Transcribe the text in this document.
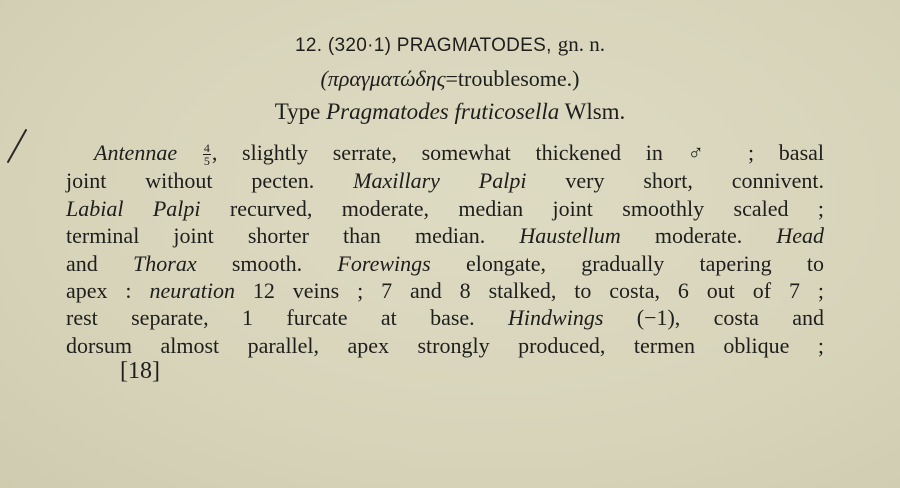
12. (320·1) PRAGMATODES, gn. n.
(πραγματώδης=troublesome.)
Type Pragmatodes fruticosella Wlsm.
Antennae $\frac{4}{5}$ , slightly serrate, somewhat thickened in ♂ ; basal
joint without pecten. Maxillary Palpi very short, connivent.
Labial Palpi recurved, moderate, median joint smoothly scaled ;
terminal joint shorter than median. Haustellum moderate. Head
and Thorax smooth. Forewings elongate, gradually tapering to
apex : neuration 12 veins ; 7 and 8 stalked, to costa, 6 out of 7 ;
rest separate, 1 furcate at base. Hindwings (−1), costa and
dorsum almost parallel, apex strongly produced, termen oblique ;
[18]
